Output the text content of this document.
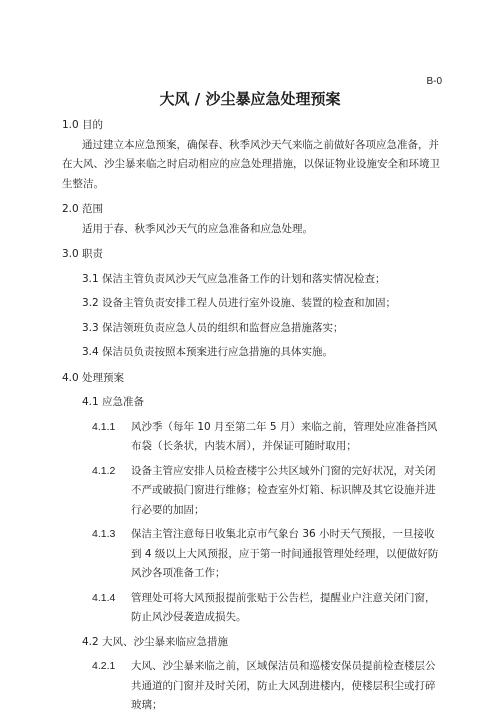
B-0
大风 / 沙尘暴应急处理预案

1.0 目的

通过建立本应急预案，确保春、秋季风沙天气来临之前做好各项应急准备，并在大风、沙尘暴来临之时启动相应的应急处理措施，以保证物业设施安全和环境卫生整洁。

2.0 范围

适用于春、秋季风沙天气的应急准备和应急处理。

3.0 职责

3.1 保洁主管负责风沙天气应急准备工作的计划和落实情况检查；

3.2 设备主管负责安排工程人员进行室外设施、装置的检查和加固；

3.3 保洁领班负责应急人员的组织和监督应急措施落实；

3.4 保洁员负责按照本预案进行应急措施的具体实施。

4.0 处理预案

4.1 应急准备

4.1.1 风沙季（每年 10 月至第二年 5 月）来临之前，管理处应准备挡风布袋（长条状，内装木屑），并保证可随时取用；
4.1.2 设备主管应安排人员检查楼宇公共区域外门窗的完好状况，对关闭不严或破损门窗进行维修；检查室外灯箱、标识牌及其它设施并进行必要的加固；
4.1.3 保洁主管注意每日收集北京市气象台 36 小时天气预报，一旦接收到 4 级以上大风预报，应于第一时间通报管理处经理，以便做好防风沙各项准备工作；
4.1.4 管理处可将大风预报提前张贴于公告栏，提醒业户注意关闭门窗，防止风沙侵袭造成损失。

4.2 大风、沙尘暴来临应急措施

4.2.1 大风、沙尘暴来临之前，区域保洁员和巡楼安保员提前检查楼层公共通道的门窗并及时关闭，防止大风刮进楼内，使楼层积尘或打碎玻璃；
